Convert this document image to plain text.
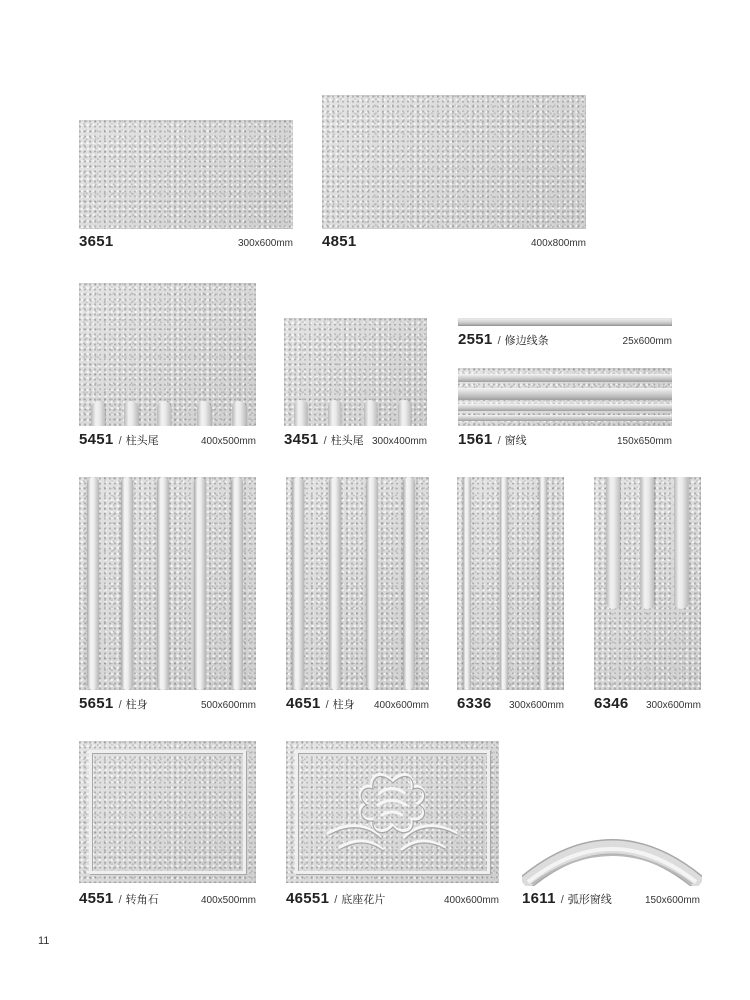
3651	300x600mm 4851	400x800mm
5451 / 柱头尾	400x500mm 3451 / 柱头尾 300x400mm
2551 / 修边线条	25x600mm
1561 / 窗线	150x650mm
5651 / 柱身	500x600mm 4651 / 柱身 400x600mm 6336 300x600mm 6346 300x600mm
4551 / 转角石	400x500mm 46551 / 底座花片	400x600mm 1611 / 弧形窗线	150x600mm
11
